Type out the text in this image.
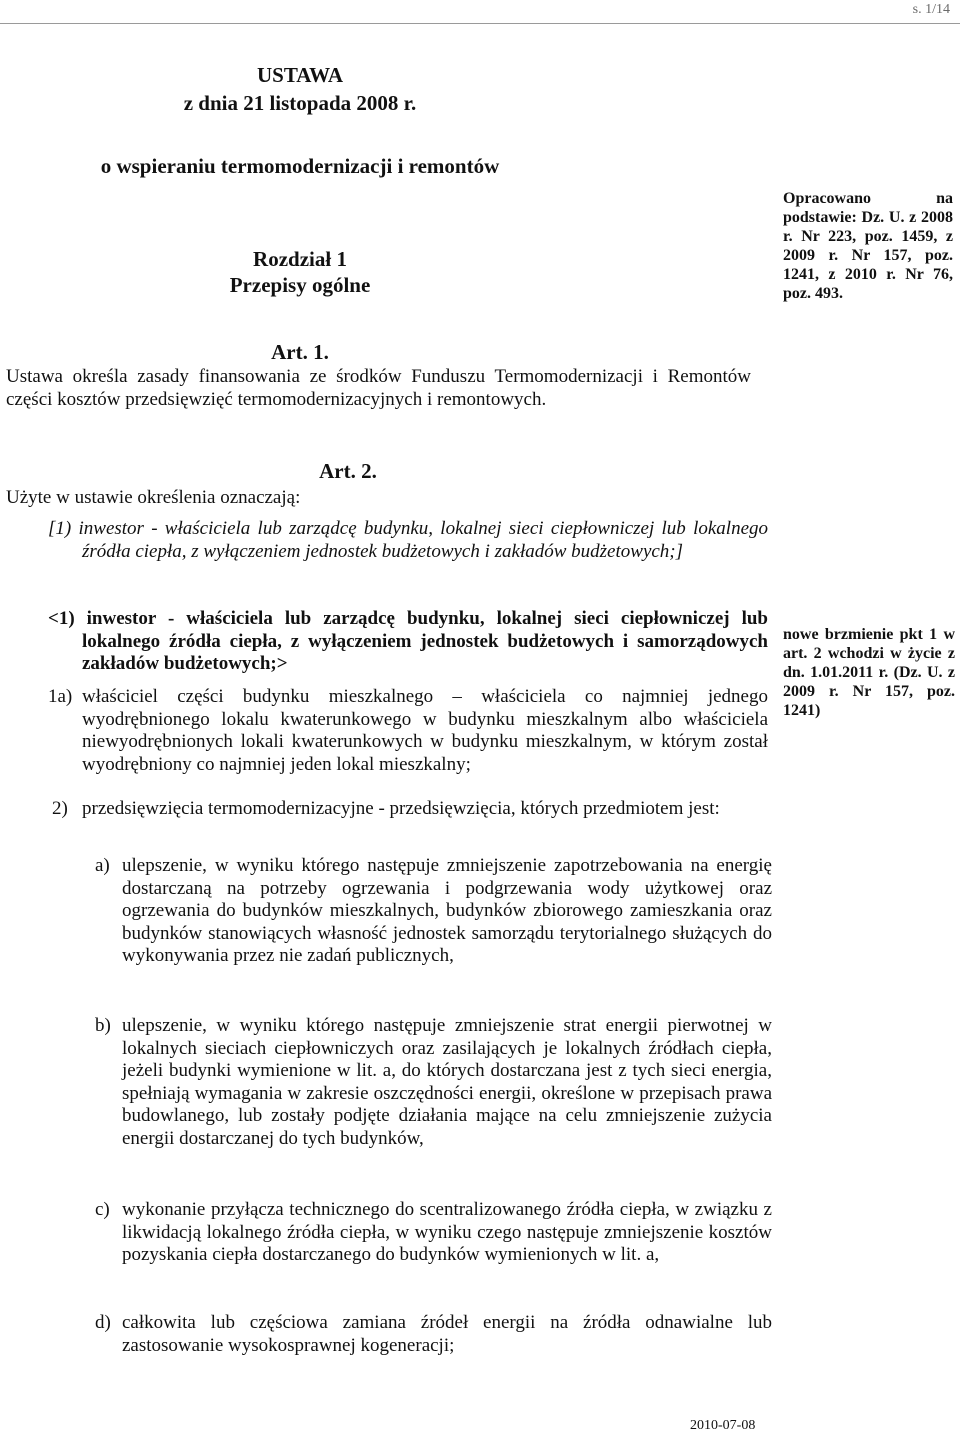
s. 1/14
USTAWA
z dnia 21 listopada 2008 r.
o wspieraniu termomodernizacji i remontów
Rozdział 1
Przepisy ogólne
Opracowano na podstawie: Dz. U. z 2008 r. Nr 223, poz. 1459, z 2009 r. Nr 157, poz. 1241, z 2010 r. Nr 76, poz. 493.
Art. 1.
Ustawa określa zasady finansowania ze środków Funduszu Termomodernizacji i Remontów części kosztów przedsięwzięć termomodernizacyjnych i remontowych.
Art. 2.
Użyte w ustawie określenia oznaczają:
[1) inwestor - właściciela lub zarządcę budynku, lokalnej sieci ciepłowniczej lub lokalnego źródła ciepła, z wyłączeniem jednostek budżetowych i zakładów budżetowych;]
<1) inwestor - właściciela lub zarządcę budynku, lokalnej sieci ciepłowniczej lub lokalnego źródła ciepła, z wyłączeniem jednostek budżetowych i samorządowych zakładów budżetowych;>
nowe brzmienie pkt 1 w art. 2 wchodzi w życie z dn. 1.01.2011 r. (Dz. U. z 2009 r. Nr 157, poz. 1241)
1a) właściciel części budynku mieszkalnego – właściciela co najmniej jednego wyodrębnionego lokalu kwaterunkowego w budynku mieszkalnym albo właściciela niewyodrębnionych lokali kwaterunkowych w budynku mieszkalnym, w którym został wyodrębniony co najmniej jeden lokal mieszkalny;
2) przedsięwzięcia termomodernizacyjne - przedsięwzięcia, których przedmiotem jest:
a) ulepszenie, w wyniku którego następuje zmniejszenie zapotrzebowania na energię dostarczaną na potrzeby ogrzewania i podgrzewania wody użytkowej oraz ogrzewania do budynków mieszkalnych, budynków zbiorowego zamieszkania oraz budynków stanowiących własność jednostek samorządu terytorialnego służących do wykonywania przez nie zadań publicznych,
b) ulepszenie, w wyniku którego następuje zmniejszenie strat energii pierwotnej w lokalnych sieciach ciepłowniczych oraz zasilających je lokalnych źródłach ciepła, jeżeli budynki wymienione w lit. a, do których dostarczana jest z tych sieci energia, spełniają wymagania w zakresie oszczędności energii, określone w przepisach prawa budowlanego, lub zostały podjęte działania mające na celu zmniejszenie zużycia energii dostarczanej do tych budynków,
c) wykonanie przyłącza technicznego do scentralizowanego źródła ciepła, w związku z likwidacją lokalnego źródła ciepła, w wyniku czego następuje zmniejszenie kosztów pozyskania ciepła dostarczanego do budynków wymienionych w lit. a,
d) całkowita lub częściowa zamiana źródeł energii na źródła odnawialne lub zastosowanie wysokosprawnej kogeneracji;
2010-07-08
